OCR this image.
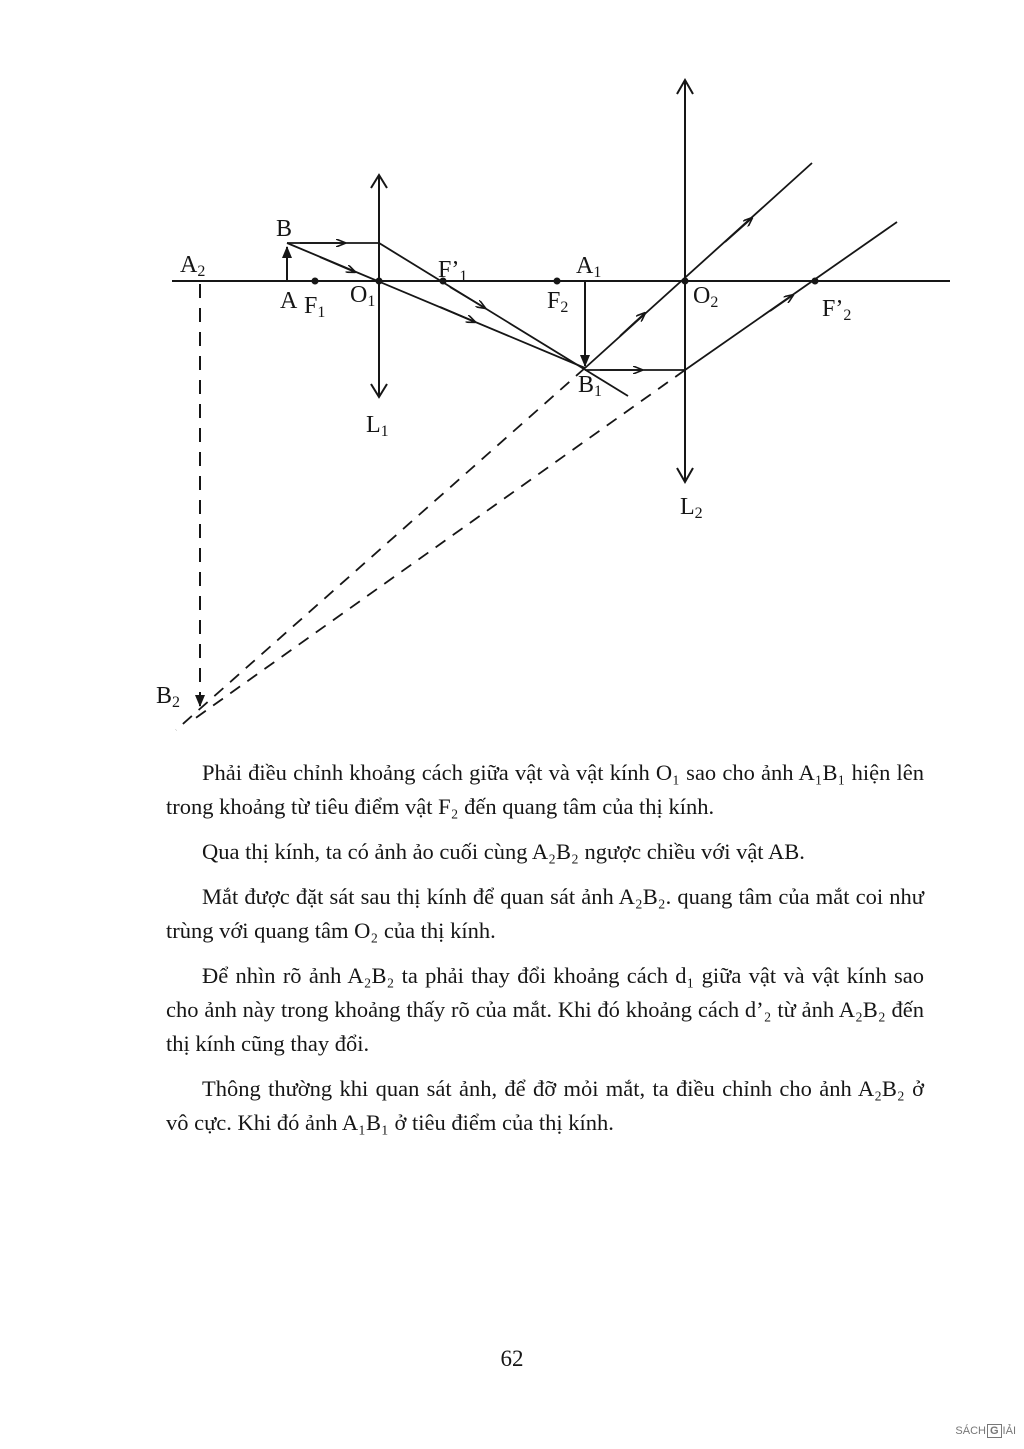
B
A
A2
F1
O1
F’1	A1
F2	O2	F’2
B1
L1
L2
B2

Phải điều chỉnh khoảng cách giữa vật và vật kính O₁ sao cho ảnh A₁B₁ hiện lên trong khoảng từ tiêu điểm vật F₂ đến quang tâm của thị kính.

Qua thị kính, ta có ảnh ảo cuối cùng A₂B₂ ngược chiều với vật AB.

Mắt được đặt sát sau thị kính để quan sát ảnh A₂B₂. quang tâm của mắt coi như trùng với quang tâm O₂ của thị kính.

Để nhìn rõ ảnh A₂B₂ ta phải thay đổi khoảng cách d₁ giữa vật và vật kính sao cho ảnh này trong khoảng thấy rõ của mắt. Khi đó khoảng cách d’₂ từ ảnh A₂B₂ đến thị kính cũng thay đổi.

Thông thường khi quan sát ảnh, để đỡ mỏi mắt, ta điều chỉnh cho ảnh A₂B₂ ở vô cực. Khi đó ảnh A₁B₁ ở tiêu điểm của thị kính.

62
SÁCH G IẢI
